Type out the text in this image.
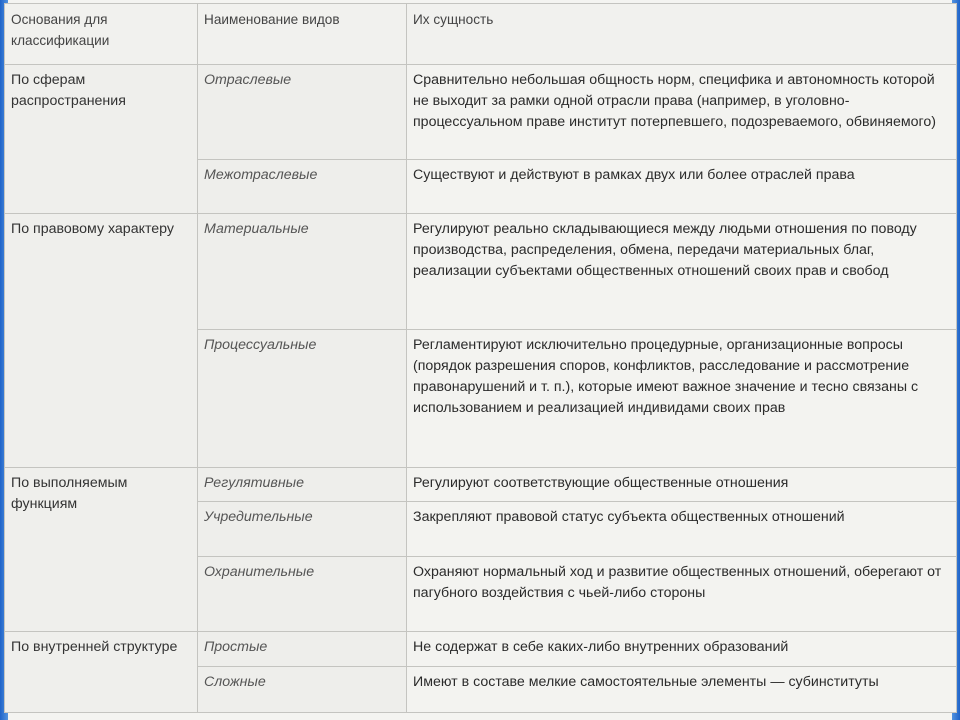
Основания для классификации	Наименование видов	Их сущность
По сферам распространения	Отраслевые	Сравнительно небольшая общность норм, специфика и автономность которой не выходит за рамки одной отрасли права (например, в уголовно-процессуальном праве институт потерпевшего, подозреваемого, обвиняемого)
	Межотраслевые	Существуют и действуют в рамках двух или более отраслей права
По правовому характеру	Материальные	Регулируют реально складывающиеся между людьми отношения по поводу производства, распределения, обмена, передачи материальных благ, реализации субъектами общественных отношений своих прав и свобод
	Процессуальные	Регламентируют исключительно процедурные, организационные вопросы (порядок разрешения споров, конфликтов, расследование и рассмотрение правонарушений и т. п.), которые имеют важное значение и тесно связаны с использованием и реализацией индивидами своих прав
По выполняемым функциям	Регулятивные	Регулируют соответствующие общественные отношения
	Учредительные	Закрепляют правовой статус субъекта общественных отношений
	Охранительные	Охраняют нормальный ход и развитие общественных отношений, оберегают от пагубного воздействия с чьей-либо стороны
По внутренней структуре	Простые	Не содержат в себе каких-либо внутренних образований
	Сложные	Имеют в составе мелкие самостоятельные элементы — субинституты
